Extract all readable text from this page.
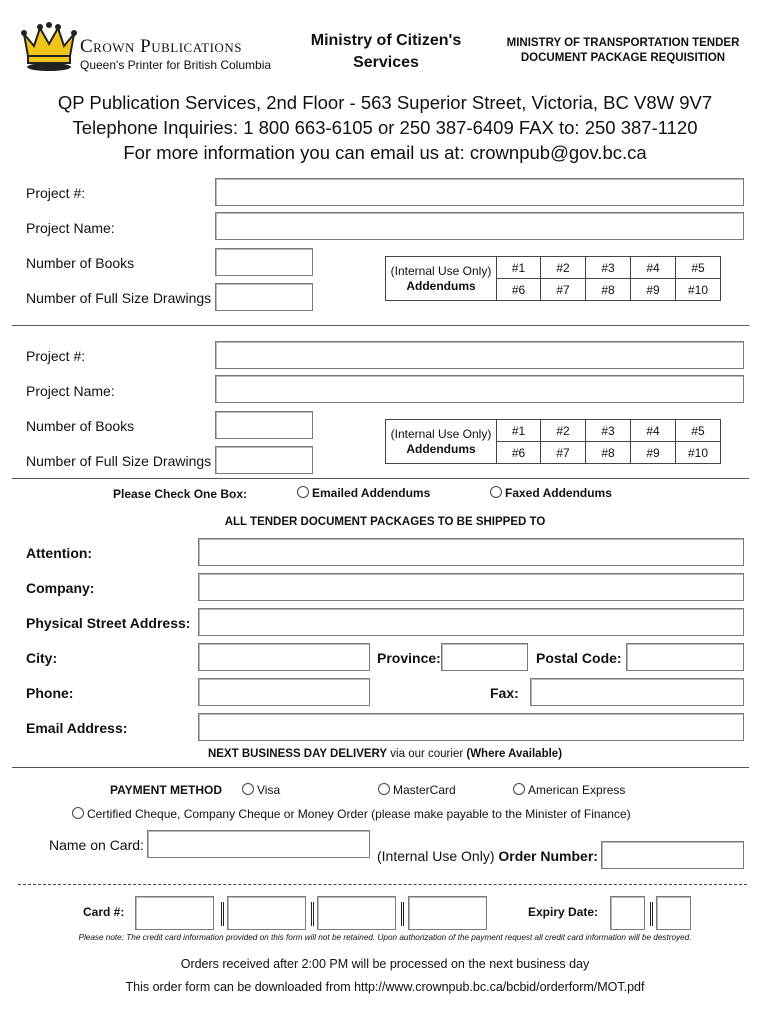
Crown Publications
Queen's Printer for British Columbia
Ministry of Citizen's
Services
MINISTRY OF TRANSPORTATION TENDER
DOCUMENT PACKAGE REQUISITION
QP Publication Services, 2nd Floor - 563 Superior Street, Victoria, BC V8W 9V7
Telephone Inquiries: 1 800 663-6105 or 250 387-6409 FAX to: 250 387-1120
For more information you can email us at: crownpub@gov.bc.ca
Project #:
Project Name:
Number of Books
Number of Full Size Drawings
(Internal Use Only)
Addendums	#1	#2	#3	#4	#5
	#6	#7	#8	#9	#10
Project #:
Project Name:
Number of Books
Number of Full Size Drawings
(Internal Use Only)
Addendums	#1	#2	#3	#4	#5
	#6	#7	#8	#9	#10
Please Check One Box:	Emailed Addendums	Faxed Addendums
ALL TENDER DOCUMENT PACKAGES TO BE SHIPPED TO
Attention:
Company:
Physical Street Address:
City:	Province:	Postal Code:
Phone:	Fax:
Email Address:
NEXT BUSINESS DAY DELIVERY via our courier (Where Available)
PAYMENT METHOD	Visa	MasterCard	American Express
Certified Cheque, Company Cheque or Money Order (please make payable to the Minister of Finance)
Name on Card:
(Internal Use Only) Order Number:
Card #:	Expiry Date:
Please note: The credit card information provided on this form will not be retained. Upon authorization of the payment request all credit card information will be destroyed.
Orders received after 2:00 PM will be processed on the next business day
This order form can be downloaded from http://www.crownpub.bc.ca/bcbid/orderform/MOT.pdf
